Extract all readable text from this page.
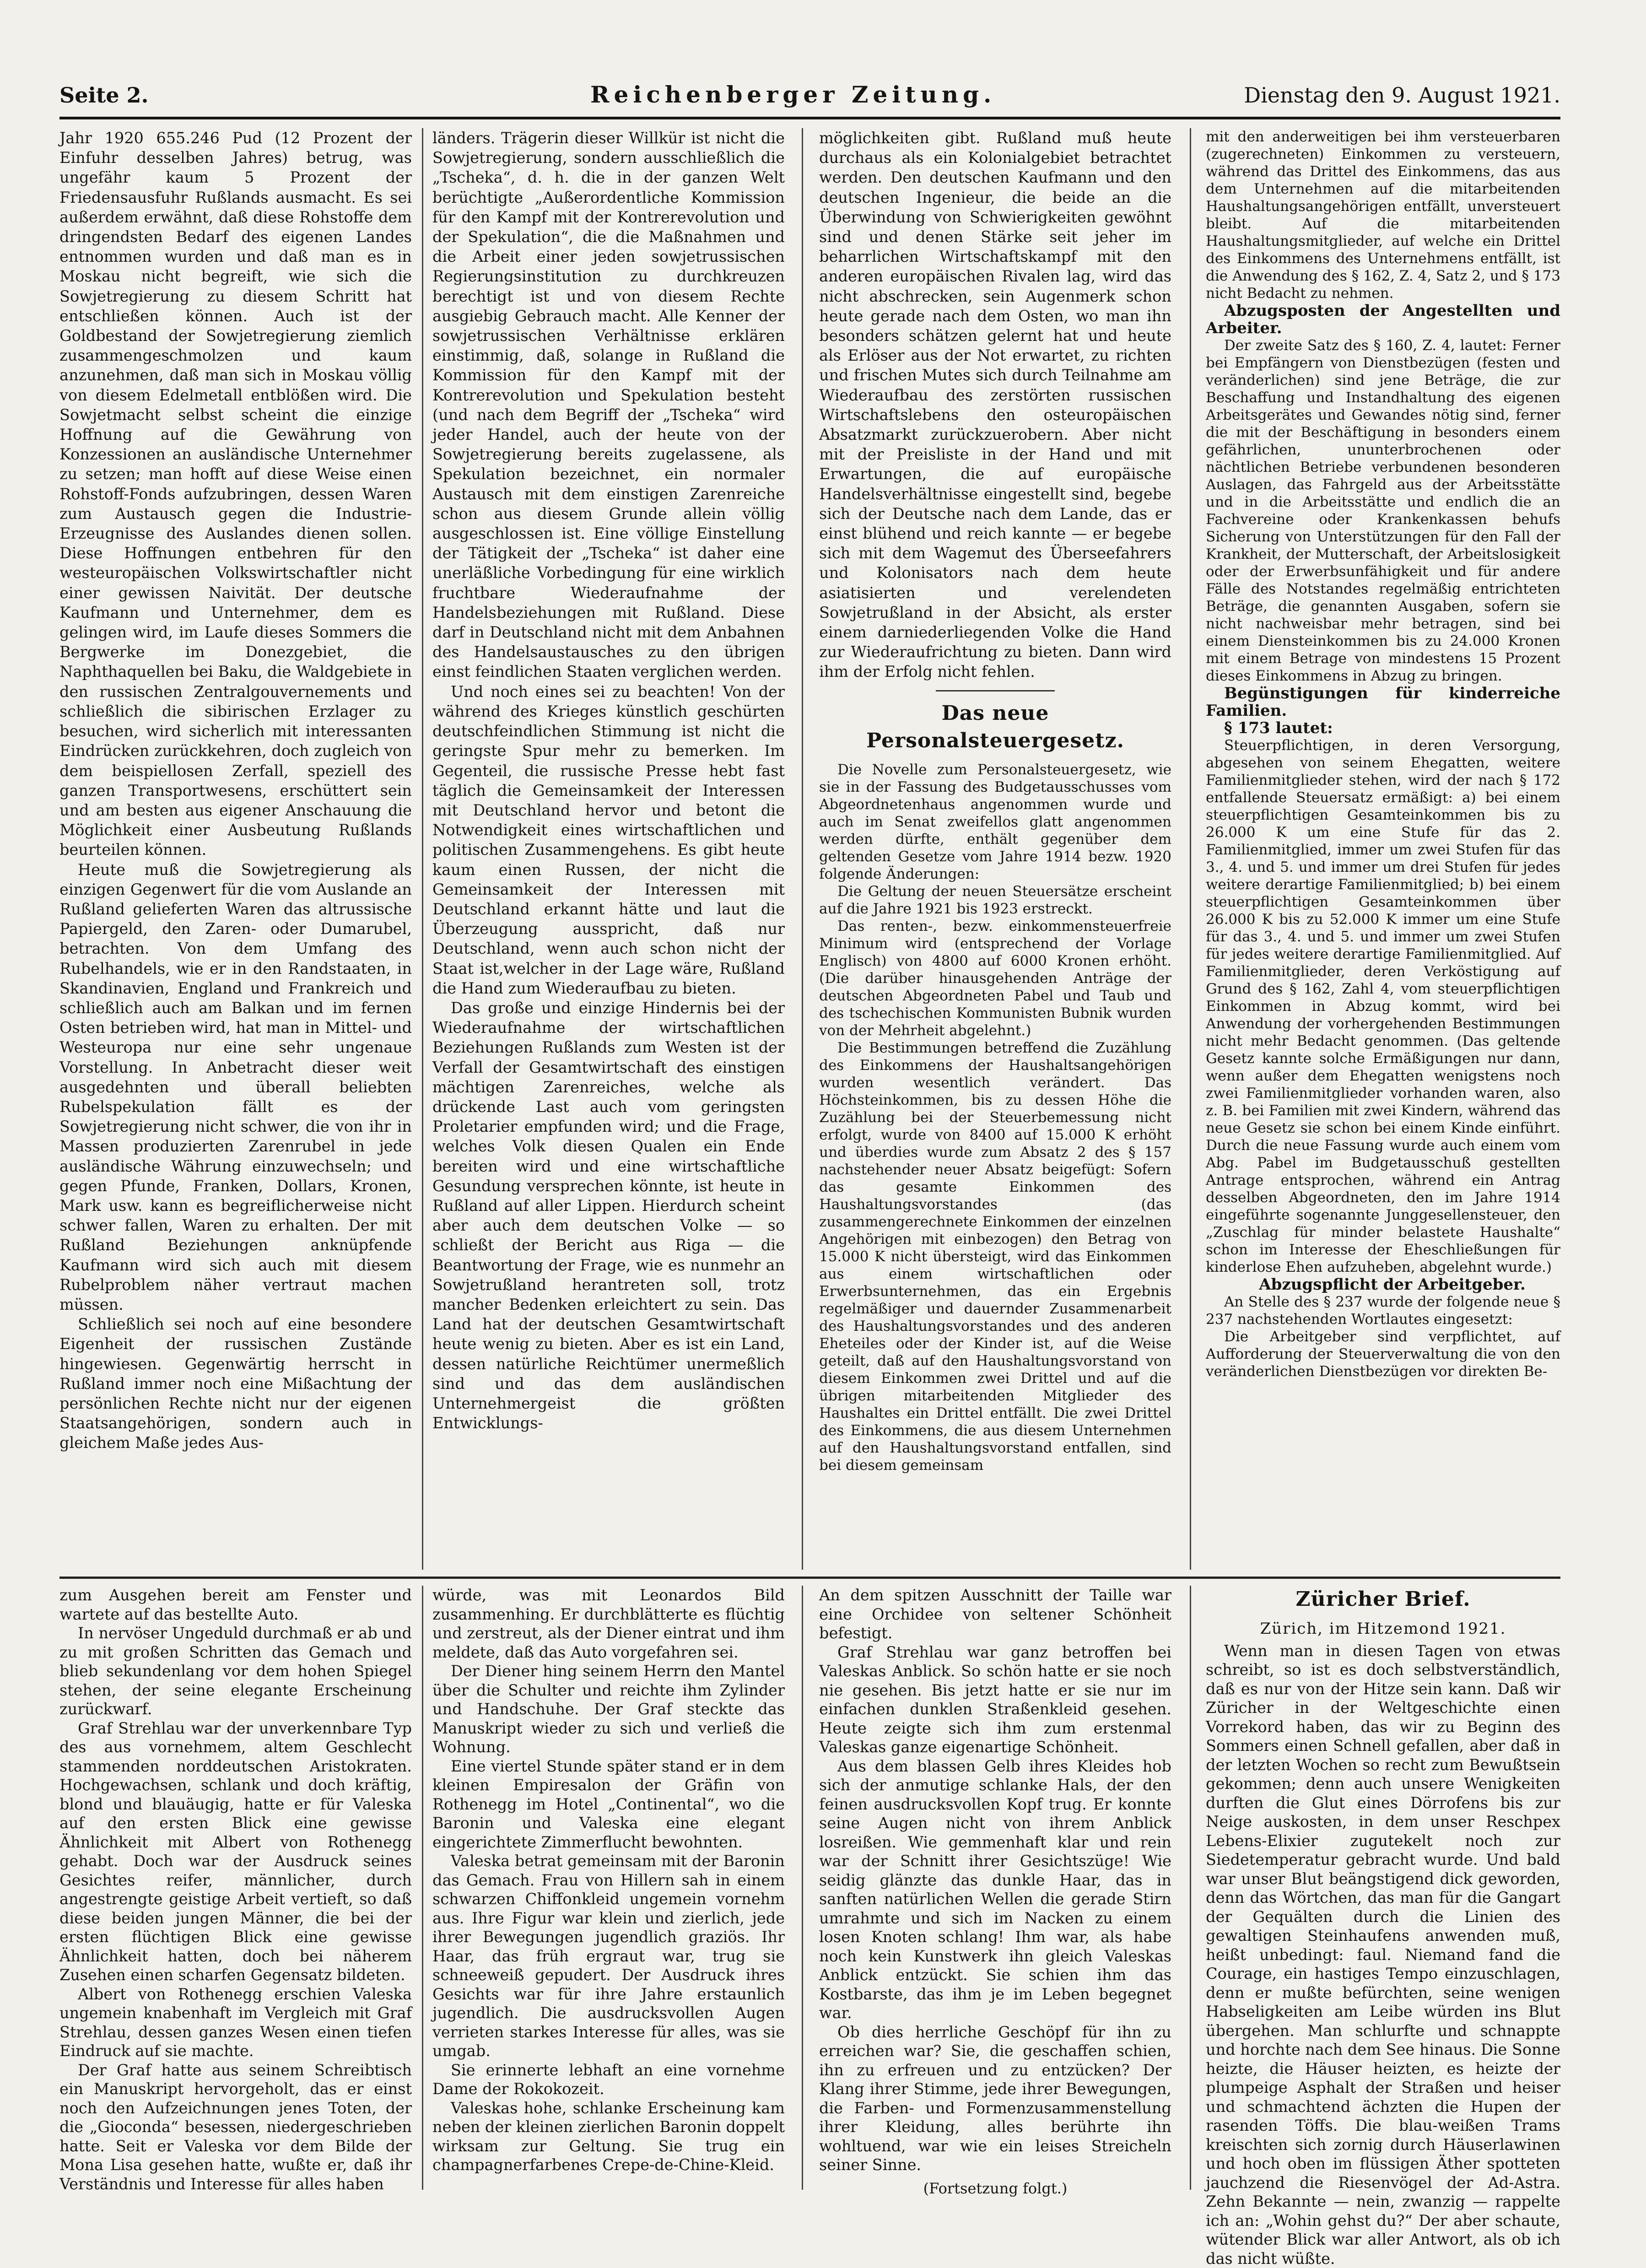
Seite 2.	Reichenberger Zeitung.	Dienstag den 9. August 1921.

Jahr 1920 655.246 Pud (12 Prozent der Einfuhr desselben Jahres) betrug, was ungefähr kaum 5 Prozent der Friedensausfuhr Rußlands ausmacht. Es sei außerdem erwähnt, daß diese Rohstoffe dem dringendsten Bedarf des eigenen Landes entnommen wurden und daß man es in Moskau nicht begreift, wie sich die Sowjetregierung zu diesem Schritt hat entschließen können. Auch ist der Goldbestand der Sowjetregierung ziemlich zusammengeschmolzen und kaum anzunehmen, daß man sich in Moskau völlig von diesem Edelmetall entblößen wird. Die Sowjetmacht selbst scheint die einzige Hoffnung auf die Gewährung von Konzessionen an ausländische Unternehmer zu setzen; man hofft auf diese Weise einen Rohstoff-Fonds aufzubringen, dessen Waren zum Austausch gegen die Industrie-Erzeugnisse des Auslandes dienen sollen. Diese Hoffnungen entbehren für den westeuropäischen Volkswirtschaftler nicht einer gewissen Naivität. Der deutsche Kaufmann und Unternehmer, dem es gelingen wird, im Laufe dieses Sommers die Bergwerke im Donezgebiet, die Naphthaquellen bei Baku, die Waldgebiete in den russischen Zentralgouvernements und schließlich die sibirischen Erzlager zu besuchen, wird sicherlich mit interessanten Eindrücken zurückkehren, doch zugleich von dem beispiellosen Zerfall, speziell des ganzen Transportwesens, erschüttert sein und am besten aus eigener Anschauung die Möglichkeit einer Ausbeutung Rußlands beurteilen können.

Heute muß die Sowjetregierung als einzigen Gegenwert für die vom Auslande an Rußland gelieferten Waren das altrussische Papiergeld, den Zaren- oder Dumarubel, betrachten. Von dem Umfang des Rubelhandels, wie er in den Randstaaten, in Skandinavien, England und Frankreich und schließlich auch am Balkan und im fernen Osten betrieben wird, hat man in Mittel- und Westeuropa nur eine sehr ungenaue Vorstellung. In Anbetracht dieser weit ausgedehnten und überall beliebten Rubelspekulation fällt es der Sowjetregierung nicht schwer, die von ihr in Massen produzierten Zarenrubel in jede ausländische Währung einzuwechseln; und gegen Pfunde, Franken, Dollars, Kronen, Mark usw. kann es begreiflicherweise nicht schwer fallen, Waren zu erhalten. Der mit Rußland Beziehungen anknüpfende Kaufmann wird sich auch mit diesem Rubelproblem näher vertraut machen müssen.

Schließlich sei noch auf eine besondere Eigenheit der russischen Zustände hingewiesen. Gegenwärtig herrscht in Rußland immer noch eine Mißachtung der persönlichen Rechte nicht nur der eigenen Staatsangehörigen, sondern auch in gleichem Maße jedes Aus-

länders. Trägerin dieser Willkür ist nicht die Sowjetregierung, sondern ausschließlich die „Tscheka“, d. h. die in der ganzen Welt berüchtigte „Außerordentliche Kommission für den Kampf mit der Kontrerevolution und der Spekulation“, die die Maßnahmen und die Arbeit einer jeden sowjetrussischen Regierungsinstitution zu durchkreuzen berechtigt ist und von diesem Rechte ausgiebig Gebrauch macht. Alle Kenner der sowjetrussischen Verhältnisse erklären einstimmig, daß, solange in Rußland die Kommission für den Kampf mit der Kontrerevolution und Spekulation besteht (und nach dem Begriff der „Tscheka“ wird jeder Handel, auch der heute von der Sowjetregierung bereits zugelassene, als Spekulation bezeichnet, ein normaler Austausch mit dem einstigen Zarenreiche schon aus diesem Grunde allein völlig ausgeschlossen ist. Eine völlige Einstellung der Tätigkeit der „Tscheka“ ist daher eine unerläßliche Vorbedingung für eine wirklich fruchtbare Wiederaufnahme der Handelsbeziehungen mit Rußland. Diese darf in Deutschland nicht mit dem Anbahnen des Handelsaustausches zu den übrigen einst feindlichen Staaten verglichen werden.

Und noch eines sei zu beachten! Von der während des Krieges künstlich geschürten deutschfeindlichen Stimmung ist nicht die geringste Spur mehr zu bemerken. Im Gegenteil, die russische Presse hebt fast täglich die Gemeinsamkeit der Interessen mit Deutschland hervor und betont die Notwendigkeit eines wirtschaftlichen und politischen Zusammengehens. Es gibt heute kaum einen Russen, der nicht die Gemeinsamkeit der Interessen mit Deutschland erkannt hätte und laut die Überzeugung ausspricht, daß nur Deutschland, wenn auch schon nicht der Staat ist,welcher in der Lage wäre, Rußland die Hand zum Wiederaufbau zu bieten.

Das große und einzige Hindernis bei der Wiederaufnahme der wirtschaftlichen Beziehungen Rußlands zum Westen ist der Verfall der Gesamtwirtschaft des einstigen mächtigen Zarenreiches, welche als drückende Last auch vom geringsten Proletarier empfunden wird; und die Frage, welches Volk diesen Qualen ein Ende bereiten wird und eine wirtschaftliche Gesundung versprechen könnte, ist heute in Rußland auf aller Lippen. Hierdurch scheint aber auch dem deutschen Volke — so schließt der Bericht aus Riga — die Beantwortung der Frage, wie es nunmehr an Sowjetrußland herantreten soll, trotz mancher Bedenken erleichtert zu sein. Das Land hat der deutschen Gesamtwirtschaft heute wenig zu bieten. Aber es ist ein Land, dessen natürliche Reichtümer unermeßlich sind und das dem ausländischen Unternehmergeist die größten Entwicklungs-

möglichkeiten gibt. Rußland muß heute durchaus als ein Kolonialgebiet betrachtet werden. Den deutschen Kaufmann und den deutschen Ingenieur, die beide an die Überwindung von Schwierigkeiten gewöhnt sind und denen Stärke seit jeher im beharrlichen Wirtschaftskampf mit den anderen europäischen Rivalen lag, wird das nicht abschrecken, sein Augenmerk schon heute gerade nach dem Osten, wo man ihn besonders schätzen gelernt hat und heute als Erlöser aus der Not erwartet, zu richten und frischen Mutes sich durch Teilnahme am Wiederaufbau des zerstörten russischen Wirtschaftslebens den osteuropäischen Absatzmarkt zurückzuerobern. Aber nicht mit der Preisliste in der Hand und mit Erwartungen, die auf europäische Handelsverhältnisse eingestellt sind, begebe sich der Deutsche nach dem Lande, das er einst blühend und reich kannte — er begebe sich mit dem Wagemut des Überseefahrers und Kolonisators nach dem heute asiatisierten und verelendeten Sowjetrußland in der Absicht, als erster einem darniederliegenden Volke die Hand zur Wiederaufrichtung zu bieten. Dann wird ihm der Erfolg nicht fehlen.

Das neue Personalsteuergesetz.

Die Novelle zum Personalsteuergesetz, wie sie in der Fassung des Budgetausschusses vom Abgeordnetenhaus angenommen wurde und auch im Senat zweifellos glatt angenommen werden dürfte, enthält gegenüber dem geltenden Gesetze vom Jahre 1914 bezw. 1920 folgende Änderungen:

Die Geltung der neuen Steuersätze erscheint auf die Jahre 1921 bis 1923 erstreckt.

Das renten-, bezw. einkommensteuerfreie Minimum wird (entsprechend der Vorlage Englisch) von 4800 auf 6000 Kronen erhöht. (Die darüber hinausgehenden Anträge der deutschen Abgeordneten Pabel und Taub und des tschechischen Kommunisten Bubnik wurden von der Mehrheit abgelehnt.)

Die Bestimmungen betreffend die Zuzählung des Einkommens der Haushaltsangehörigen wurden wesentlich verändert. Das Höchsteinkommen, bis zu dessen Höhe die Zuzählung bei der Steuerbemessung nicht erfolgt, wurde von 8400 auf 15.000 K erhöht und überdies wurde zum Absatz 2 des § 157 nachstehender neuer Absatz beigefügt: Sofern das gesamte Einkommen des Haushaltungsvorstandes (das zusammengerechnete Einkommen der einzelnen Angehörigen mit einbezogen) den Betrag von 15.000 K nicht übersteigt, wird das Einkommen aus einem wirtschaftlichen oder Erwerbsunternehmen, das ein Ergebnis regelmäßiger und dauernder Zusammenarbeit des Haushaltungsvorstandes und des anderen Eheteiles oder der Kinder ist, auf die Weise geteilt, daß auf den Haushaltungsvorstand von diesem Einkommen zwei Drittel und auf die übrigen mitarbeitenden Mitglieder des Haushaltes ein Drittel entfällt. Die zwei Drittel des Einkommens, die aus diesem Unternehmen auf den Haushaltungsvorstand entfallen, sind bei diesem gemeinsam

mit den anderweitigen bei ihm versteuerbaren (zugerechneten) Einkommen zu versteuern, während das Drittel des Einkommens, das aus dem Unternehmen auf die mitarbeitenden Haushaltungsangehörigen entfällt, unversteuert bleibt. Auf die mitarbeitenden Haushaltungsmitglieder, auf welche ein Drittel des Einkommens des Unternehmens entfällt, ist die Anwendung des § 162, Z. 4, Satz 2, und § 173 nicht Bedacht zu nehmen.

Abzugsposten der Angestellten und Arbeiter.

Der zweite Satz des § 160, Z. 4, lautet: Ferner bei Empfängern von Dienstbezügen (festen und veränderlichen) sind jene Beträge, die zur Beschaffung und Instandhaltung des eigenen Arbeitsgerätes und Gewandes nötig sind, ferner die mit der Beschäftigung in besonders einem gefährlichen, ununterbrochenen oder nächtlichen Betriebe verbundenen besonderen Auslagen, das Fahrgeld aus der Arbeitsstätte und in die Arbeitsstätte und endlich die an Fachvereine oder Krankenkassen behufs Sicherung von Unterstützungen für den Fall der Krankheit, der Mutterschaft, der Arbeitslosigkeit oder der Erwerbsunfähigkeit und für andere Fälle des Notstandes regelmäßig entrichteten Beträge, die genannten Ausgaben, sofern sie nicht nachweisbar mehr betragen, sind bei einem Diensteinkommen bis zu 24.000 Kronen mit einem Betrage von mindestens 15 Prozent dieses Einkommens in Abzug zu bringen.

Begünstigungen für kinderreiche Familien.

§ 173 lautet:

Steuerpflichtigen, in deren Versorgung, abgesehen von seinem Ehegatten, weitere Familienmitglieder stehen, wird der nach § 172 entfallende Steuersatz ermäßigt: a) bei einem steuerpflichtigen Gesamteinkommen bis zu 26.000 K um eine Stufe für das 2. Familienmitglied, immer um zwei Stufen für das 3., 4. und 5. und immer um drei Stufen für jedes weitere derartige Familienmitglied; b) bei einem steuerpflichtigen Gesamteinkommen über 26.000 K bis zu 52.000 K immer um eine Stufe für das 3., 4. und 5. und immer um zwei Stufen für jedes weitere derartige Familienmitglied. Auf Familienmitglieder, deren Verköstigung auf Grund des § 162, Zahl 4, vom steuerpflichtigen Einkommen in Abzug kommt, wird bei Anwendung der vorhergehenden Bestimmungen nicht mehr Bedacht genommen. (Das geltende Gesetz kannte solche Ermäßigungen nur dann, wenn außer dem Ehegatten wenigstens noch zwei Familienmitglieder vorhanden waren, also z. B. bei Familien mit zwei Kindern, während das neue Gesetz sie schon bei einem Kinde einführt. Durch die neue Fassung wurde auch einem vom Abg. Pabel im Budgetausschuß gestellten Antrage entsprochen, während ein Antrag desselben Abgeordneten, den im Jahre 1914 eingeführte sogenannte Junggesellensteuer, den „Zuschlag für minder belastete Haushalte“ schon im Interesse der Eheschließungen für kinderlose Ehen aufzuheben, abgelehnt wurde.)

Abzugspflicht der Arbeitgeber.

An Stelle des § 237 wurde der folgende neue § 237 nachstehenden Wortlautes eingesetzt:

Die Arbeitgeber sind verpflichtet, auf Aufforderung der Steuerverwaltung die von den veränderlichen Dienstbezügen vor direkten Be-

zum Ausgehen bereit am Fenster und wartete auf das bestellte Auto.

In nervöser Ungeduld durchmaß er ab und zu mit großen Schritten das Gemach und blieb sekundenlang vor dem hohen Spiegel stehen, der seine elegante Erscheinung zurückwarf.

Graf Strehlau war der unverkennbare Typ des aus vornehmem, altem Geschlecht stammenden norddeutschen Aristokraten. Hochgewachsen, schlank und doch kräftig, blond und blauäugig, hatte er für Valeska auf den ersten Blick eine gewisse Ähnlichkeit mit Albert von Rothenegg gehabt. Doch war der Ausdruck seines Gesichtes reifer, männlicher, durch angestrengte geistige Arbeit vertieft, so daß diese beiden jungen Männer, die bei der ersten flüchtigen Blick eine gewisse Ähnlichkeit hatten, doch bei näherem Zusehen einen scharfen Gegensatz bildeten.

Albert von Rothenegg erschien Valeska ungemein knabenhaft im Vergleich mit Graf Strehlau, dessen ganzes Wesen einen tiefen Eindruck auf sie machte.

Der Graf hatte aus seinem Schreibtisch ein Manuskript hervorgeholt, das er einst noch den Aufzeichnungen jenes Toten, der die „Gioconda“ besessen, niedergeschrieben hatte. Seit er Valeska vor dem Bilde der Mona Lisa gesehen hatte, wußte er, daß ihr Verständnis und Interesse für alles haben

würde, was mit Leonardos Bild zusammenhing. Er durchblätterte es flüchtig und zerstreut, als der Diener eintrat und ihm meldete, daß das Auto vorgefahren sei.

Der Diener hing seinem Herrn den Mantel über die Schulter und reichte ihm Zylinder und Handschuhe. Der Graf steckte das Manuskript wieder zu sich und verließ die Wohnung.

Eine viertel Stunde später stand er in dem kleinen Empiresalon der Gräfin von Rothenegg im Hotel „Continental“, wo die Baronin und Valeska eine elegant eingerichtete Zimmerflucht bewohnten.

Valeska betrat gemeinsam mit der Baronin das Gemach. Frau von Hillern sah in einem schwarzen Chiffonkleid ungemein vornehm aus. Ihre Figur war klein und zierlich, jede ihrer Bewegungen jugendlich graziös. Ihr Haar, das früh ergraut war, trug sie schneeweiß gepudert. Der Ausdruck ihres Gesichts war für ihre Jahre erstaunlich jugendlich. Die ausdrucksvollen Augen verrieten starkes Interesse für alles, was sie umgab.

Sie erinnerte lebhaft an eine vornehme Dame der Rokokozeit.

Valeskas hohe, schlanke Erscheinung kam neben der kleinen zierlichen Baronin doppelt wirksam zur Geltung. Sie trug ein champagnerfarbenes Crepe-de-Chine-Kleid.

An dem spitzen Ausschnitt der Taille war eine Orchidee von seltener Schönheit befestigt.

Graf Strehlau war ganz betroffen bei Valeskas Anblick. So schön hatte er sie noch nie gesehen. Bis jetzt hatte er sie nur im einfachen dunklen Straßenkleid gesehen. Heute zeigte sich ihm zum erstenmal Valeskas ganze eigenartige Schönheit.

Aus dem blassen Gelb ihres Kleides hob sich der anmutige schlanke Hals, der den feinen ausdrucksvollen Kopf trug. Er konnte seine Augen nicht von ihrem Anblick losreißen. Wie gemmenhaft klar und rein war der Schnitt ihrer Gesichtszüge! Wie seidig glänzte das dunkle Haar, das in sanften natürlichen Wellen die gerade Stirn umrahmte und sich im Nacken zu einem losen Knoten schlang! Ihm war, als habe noch kein Kunstwerk ihn gleich Valeskas Anblick entzückt. Sie schien ihm das Kostbarste, das ihm je im Leben begegnet war.

Ob dies herrliche Geschöpf für ihn zu erreichen war? Sie, die geschaffen schien, ihn zu erfreuen und zu entzücken? Der Klang ihrer Stimme, jede ihrer Bewegungen, die Farben- und Formenzusammenstellung ihrer Kleidung, alles berührte ihn wohltuend, war wie ein leises Streicheln seiner Sinne.

(Fortsetzung folgt.)
Züricher Brief.
Zürich, im Hitzemond 1921.

Wenn man in diesen Tagen von etwas schreibt, so ist es doch selbstverständlich, daß es nur von der Hitze sein kann. Daß wir Züricher in der Weltgeschichte einen Vorrekord haben, das wir zu Beginn des Sommers einen Schnell gefallen, aber daß in der letzten Wochen so recht zum Bewußtsein gekommen; denn auch unsere Wenigkeiten durften die Glut eines Dörrofens bis zur Neige auskosten, in dem unser Reschpex Lebens-Elixier zugutekelt noch zur Siedetemperatur gebracht wurde. Und bald war unser Blut beängstigend dick geworden, denn das Wörtchen, das man für die Gangart der Gequälten durch die Linien des gewaltigen Steinhaufens anwenden muß, heißt unbedingt: faul. Niemand fand die Courage, ein hastiges Tempo einzuschlagen, denn er mußte befürchten, seine wenigen Habseligkeiten am Leibe würden ins Blut übergehen. Man schlurfte und schnappte und horchte nach dem See hinaus. Die Sonne heizte, die Häuser heizten, es heizte der plumpeige Asphalt der Straßen und heiser und schmachtend ächzten die Hupen der rasenden Töffs. Die blau-weißen Trams kreischten sich zornig durch Häuserlawinen und hoch oben im flüssigen Äther spotteten jauchzend die Riesenvögel der Ad-Astra. Zehn Bekannte — nein, zwanzig — rappelte ich an: „Wohin gehst du?“ Der aber schaute, wütender Blick war aller Antwort, als ob ich das nicht wüßte.
